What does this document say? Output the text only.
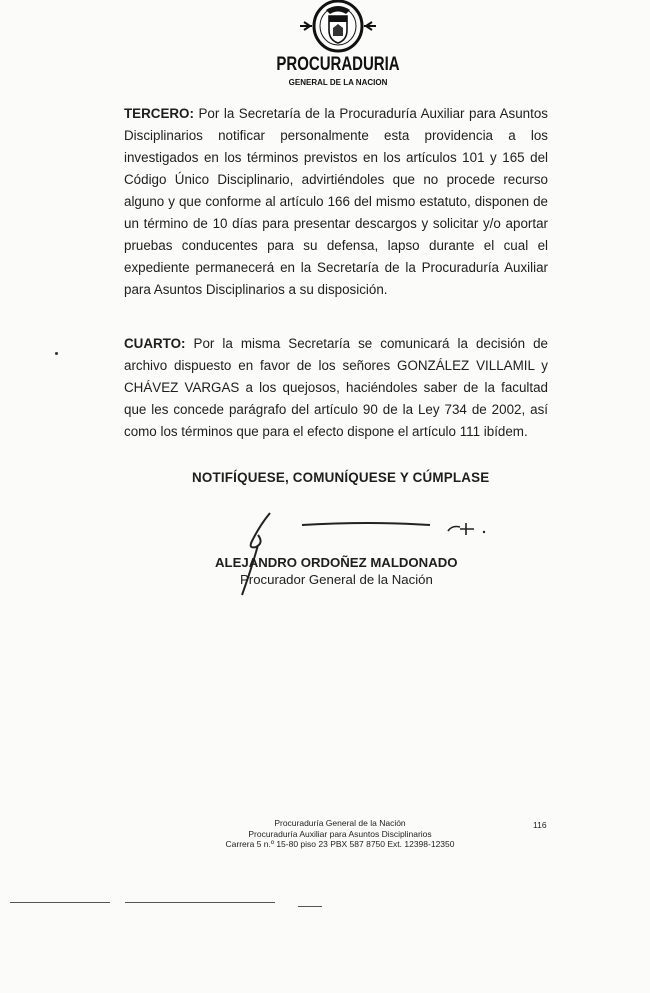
PROCURADURIA
GENERAL DE LA NACION

TERCERO: Por la Secretaría de la Procuraduría Auxiliar para Asuntos Disciplinarios notificar personalmente esta providencia a los investigados en los términos previstos en los artículos 101 y 165 del Código Único Disciplinario, advirtiéndoles que no procede recurso alguno y que conforme al artículo 166 del mismo estatuto, disponen de un término de 10 días para presentar descargos y solicitar y/o aportar pruebas conducentes para su defensa, lapso durante el cual el expediente permanecerá en la Secretaría de la Procuraduría Auxiliar para Asuntos Disciplinarios a su disposición.

CUARTO: Por la misma Secretaría se comunicará la decisión de archivo dispuesto en favor de los señores GONZÁLEZ VILLAMIL y CHÁVEZ VARGAS a los quejosos, haciéndoles saber de la facultad que les concede parágrafo del artículo 90 de la Ley 734 de 2002, así como los términos que para el efecto dispone el artículo 111 ibídem.

NOTIFÍQUESE, COMUNÍQUESE Y CÚMPLASE
ALEJANDRO ORDOÑEZ MALDONADO
Procurador General de la Nación
Procuraduría General de la Nación
Procuraduría Auxiliar para Asuntos Disciplinarios
Carrera 5 n.º 15-80 piso 23 PBX 587 8750 Ext. 12398-12350
116
